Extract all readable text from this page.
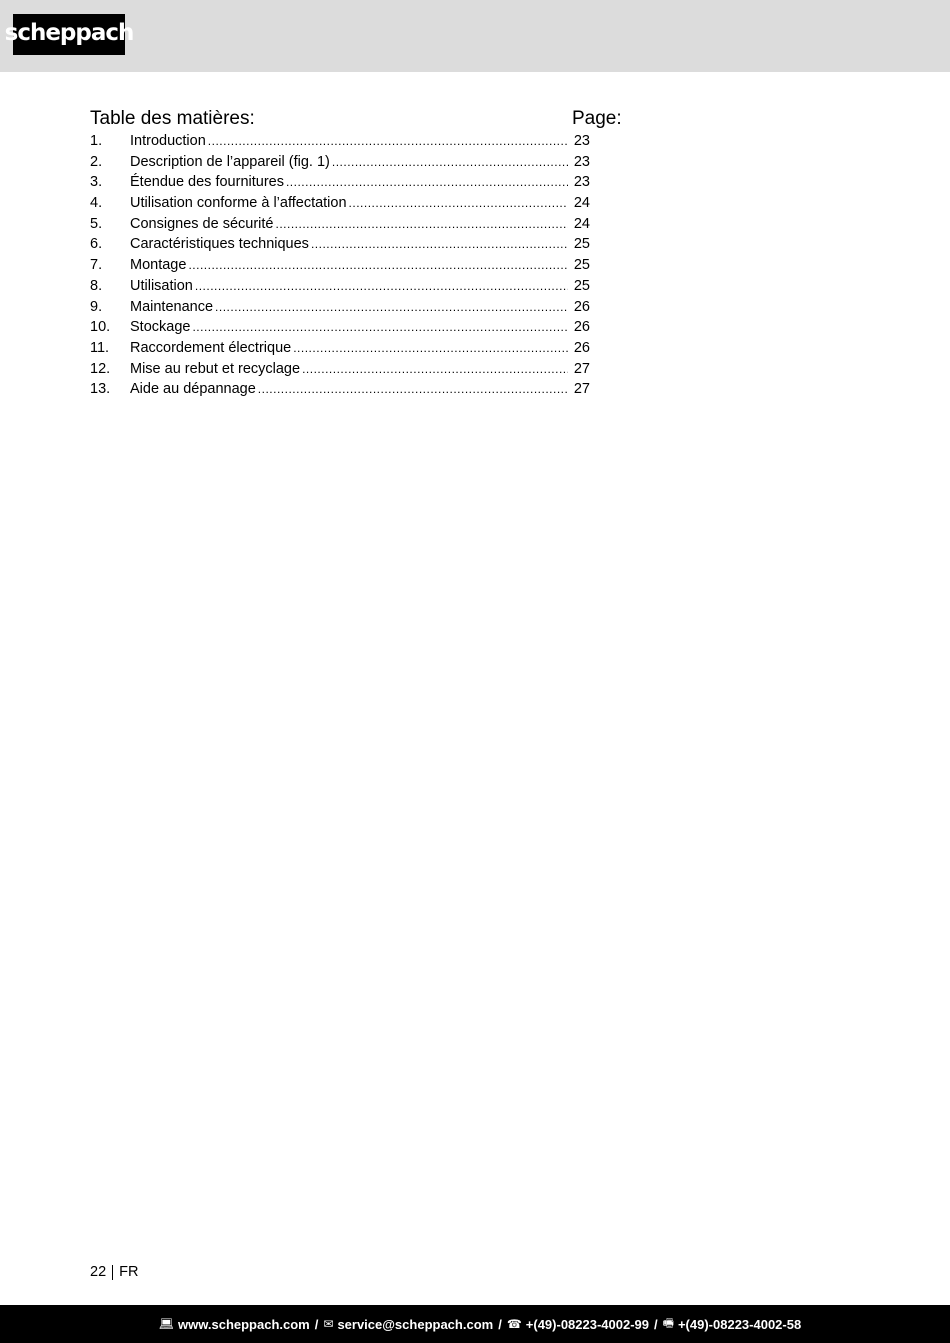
scheppach
Table des matières:	Page:
1.	Introduction .....	23
2.	Description de l’appareil (fig. 1) .....	23
3.	Étendue des fournitures .....	23
4.	Utilisation conforme à l’affectation .....	24
5.	Consignes de sécurité .....	24
6.	Caractéristiques techniques .....	25
7.	Montage .....	25
8.	Utilisation .....	25
9.	Maintenance .....	26
10.	Stockage .....	26
11.	Raccordement électrique .....	26
12.	Mise au rebut et recyclage .....	27
13.	Aide au dépannage .....	27
22 FR
💻︎ www.scheppach.com / ✉︎ service@scheppach.com / ☎︎ +(49)-08223-4002-99 / 🖷︎ +(49)-08223-4002-58
